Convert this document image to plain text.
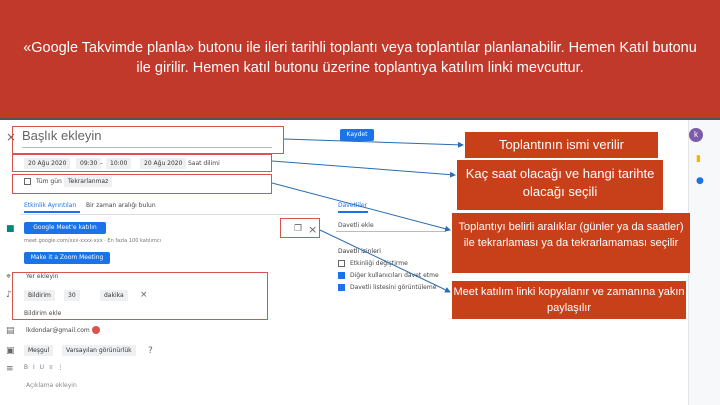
«Google Takvimde planla» butonu ile ileri tarihli toplantı veya toplantılar planlanabilir. Hemen Katıl butonu ile girilir. Hemen katıl butonu üzerine toplantıya katılım linki mevcuttur.
× Başlık ekleyin	Kaydet
20 Ağu 2020	09:30 –	10:00	20 Ağu 2020 Saat dilimi
Tüm gün	Tekrarlanmaz
Etkinlik Ayrıntıları Bir zaman aralığı bulun	Davetliler
■	Google Meet'e katılın
meet.google.com/xxx-xxxx-xxx · En fazla 100 katılımcı
❐ ×
Make it a Zoom Meeting
⌖ Yer ekleyin
♪	Bildirim	30	dakika	×
Bildirim ekle
▤ lkdondar@gmail.com
▣	Meşgul	Varsayılan görünürlük	?
B   I   U   ≡   ⋮
Açıklama ekleyin
≡
Davetli ekle
Davetli izinleri
Etkinliği değiştirme
Diğer kullanıcıları davet etme
Davetli listesini görüntüleme
k
▮
●
Toplantının ismi verilir
Kaç saat olacağı ve hangi tarihte olacağı seçili
Toplantıyı belirli aralıklar (günler ya da saatler) ile tekrarlaması ya da tekrarlamaması seçilir
Meet katılım linki kopyalanır ve zamanına yakın paylaşılır
